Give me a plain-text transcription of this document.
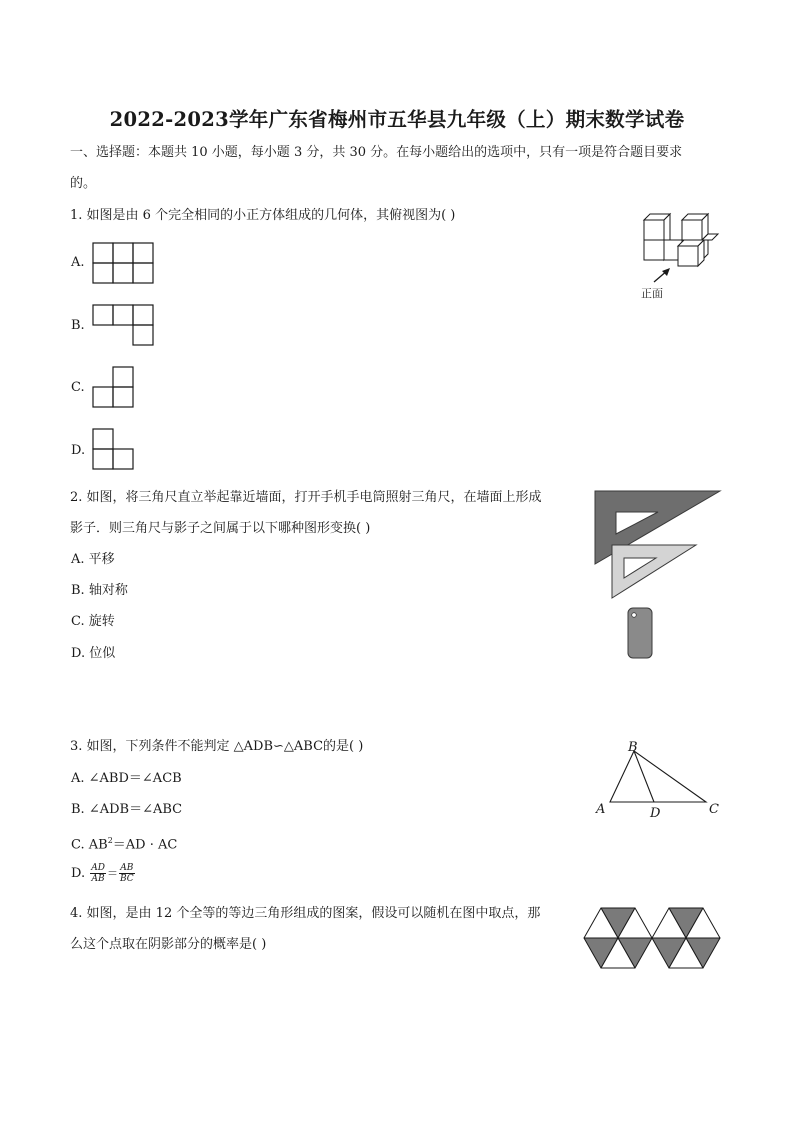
2022-2023学年广东省梅州市五华县九年级（上）期末数学试卷
一、选择题：本题共 10 小题，每小题 3 分，共 30 分。在每小题给出的选项中，只有一项是符合题目要求
的。
1. 如图是由 6 个完全相同的小正方体组成的几何体，其俯视图为( )
A.
B.
C.
D.
正面
2. 如图，将三角尺直立举起靠近墙面，打开手机手电筒照射三角尺，在墙面上形成
影子．则三角尺与影子之间属于以下哪种图形变换( )
A. 平移
B. 轴对称
C. 旋转
D. 位似
3. 如图，下列条件不能判定 △ADB∽△ABC的是( )
A. ∠ABD＝∠ACB
B. ∠ADB＝∠ABC
C. $AB^2=AD$ · AC
D. $\frac{AD}{AB} = \frac{AB}{BC}$
B
A	D	C
4. 如图，是由 12 个全等的等边三角形组成的图案，假设可以随机在图中取点，那
么这个点取在阴影部分的概率是( )
